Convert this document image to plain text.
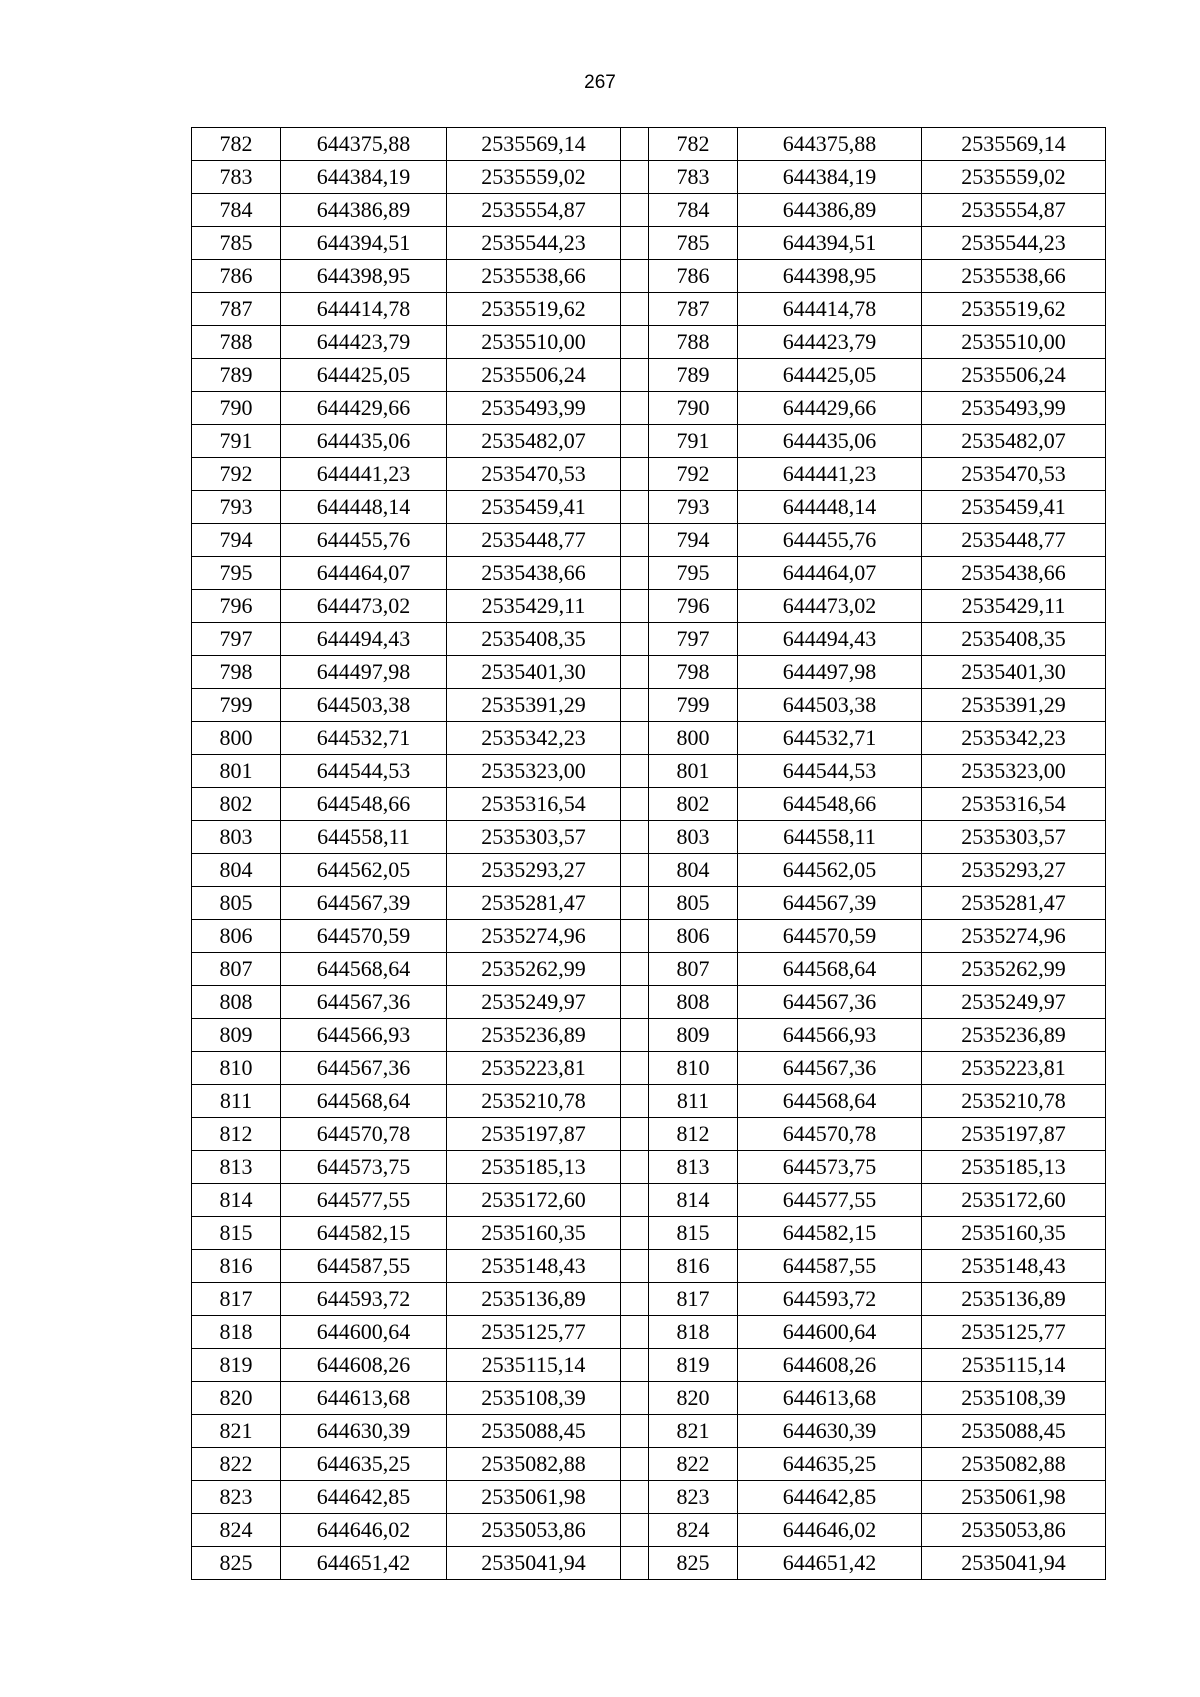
267
782	644375,88	2535569,14		782	644375,88	2535569,14
783	644384,19	2535559,02		783	644384,19	2535559,02
784	644386,89	2535554,87		784	644386,89	2535554,87
785	644394,51	2535544,23		785	644394,51	2535544,23
786	644398,95	2535538,66		786	644398,95	2535538,66
787	644414,78	2535519,62		787	644414,78	2535519,62
788	644423,79	2535510,00		788	644423,79	2535510,00
789	644425,05	2535506,24		789	644425,05	2535506,24
790	644429,66	2535493,99		790	644429,66	2535493,99
791	644435,06	2535482,07		791	644435,06	2535482,07
792	644441,23	2535470,53		792	644441,23	2535470,53
793	644448,14	2535459,41		793	644448,14	2535459,41
794	644455,76	2535448,77		794	644455,76	2535448,77
795	644464,07	2535438,66		795	644464,07	2535438,66
796	644473,02	2535429,11		796	644473,02	2535429,11
797	644494,43	2535408,35		797	644494,43	2535408,35
798	644497,98	2535401,30		798	644497,98	2535401,30
799	644503,38	2535391,29		799	644503,38	2535391,29
800	644532,71	2535342,23		800	644532,71	2535342,23
801	644544,53	2535323,00		801	644544,53	2535323,00
802	644548,66	2535316,54		802	644548,66	2535316,54
803	644558,11	2535303,57		803	644558,11	2535303,57
804	644562,05	2535293,27		804	644562,05	2535293,27
805	644567,39	2535281,47		805	644567,39	2535281,47
806	644570,59	2535274,96		806	644570,59	2535274,96
807	644568,64	2535262,99		807	644568,64	2535262,99
808	644567,36	2535249,97		808	644567,36	2535249,97
809	644566,93	2535236,89		809	644566,93	2535236,89
810	644567,36	2535223,81		810	644567,36	2535223,81
811	644568,64	2535210,78		811	644568,64	2535210,78
812	644570,78	2535197,87		812	644570,78	2535197,87
813	644573,75	2535185,13		813	644573,75	2535185,13
814	644577,55	2535172,60		814	644577,55	2535172,60
815	644582,15	2535160,35		815	644582,15	2535160,35
816	644587,55	2535148,43		816	644587,55	2535148,43
817	644593,72	2535136,89		817	644593,72	2535136,89
818	644600,64	2535125,77		818	644600,64	2535125,77
819	644608,26	2535115,14		819	644608,26	2535115,14
820	644613,68	2535108,39		820	644613,68	2535108,39
821	644630,39	2535088,45		821	644630,39	2535088,45
822	644635,25	2535082,88		822	644635,25	2535082,88
823	644642,85	2535061,98		823	644642,85	2535061,98
824	644646,02	2535053,86		824	644646,02	2535053,86
825	644651,42	2535041,94		825	644651,42	2535041,94
